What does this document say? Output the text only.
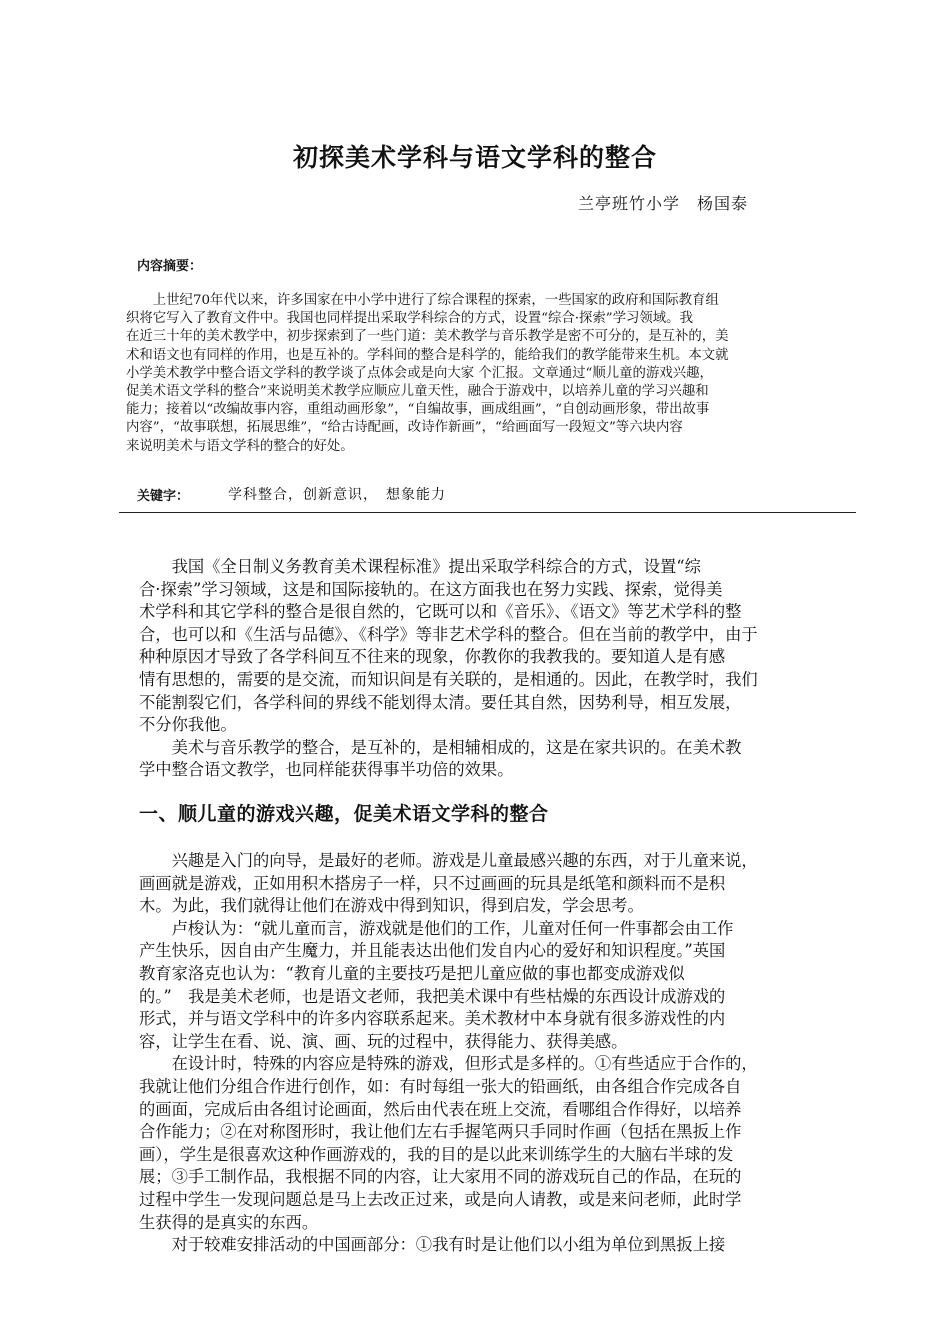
初探美术学科与语文学科的整合
兰亭班竹小学　杨国泰
内容摘要：
　　上世纪70年代以来，许多国家在中小学中进行了综合课程的探索，一些国家的政府和国际教育组
织将它写入了教育文件中。我国也同样提出采取学科综合的方式，设置“综合·探索”学习领域。我
在近三十年的美术教学中，初步探索到了一些门道：美术教学与音乐教学是密不可分的，是互补的，美
术和语文也有同样的作用，也是互补的。学科间的整合是科学的，能给我们的教学能带来生机。本文就
小学美术教学中整合语文学科的教学谈了点体会或是向大家 个汇报。文章通过“顺儿童的游戏兴趣，
促美术语文学科的整合”来说明美术教学应顺应儿童天性，融合于游戏中，以培养儿童的学习兴趣和
能力；接着以“改编故事内容，重组动画形象”，“自编故事，画成组画”，“自创动画形象，带出故事
内容”，“故事联想，拓展思维”，“给古诗配画，改诗作新画”，“给画面写一段短文”等六块内容
来说明美术与语文学科的整合的好处。
关键字：	学科整合，创新意识，　想象能力
　　我国《全日制义务教育美术课程标准》提出采取学科综合的方式，设置“综
合·探索”学习领域，这是和国际接轨的。在这方面我也在努力实践、探索，觉得美
术学科和其它学科的整合是很自然的，它既可以和《音乐》、《语文》等艺术学科的整
合，也可以和《生活与品德》、《科学》等非艺术学科的整合。但在当前的教学中，由于
种种原因才导致了各学科间互不往来的现象，你教你的我教我的。要知道人是有感
情有思想的，需要的是交流，而知识间是有关联的，是相通的。因此，在教学时，我们
不能割裂它们，各学科间的界线不能划得太清。要任其自然，因势利导，相互发展，
不分你我他。
　　美术与音乐教学的整合，是互补的，是相辅相成的，这是在家共识的。在美术教
学中整合语文教学，也同样能获得事半功倍的效果。
一、顺儿童的游戏兴趣，促美术语文学科的整合
　　兴趣是入门的向导，是最好的老师。游戏是儿童最感兴趣的东西，对于儿童来说，
画画就是游戏，正如用积木搭房子一样，只不过画画的玩具是纸笔和颜料而不是积
木。为此，我们就得让他们在游戏中得到知识，得到启发，学会思考。
　　卢梭认为：“就儿童而言，游戏就是他们的工作，儿童对任何一件事都会由工作
产生快乐，因自由产生魔力，并且能表达出他们发自内心的爱好和知识程度。”英国
教育家洛克也认为：“教育儿童的主要技巧是把儿童应做的事也都变成游戏似
的。”　我是美术老师，也是语文老师，我把美术课中有些枯燥的东西设计成游戏的
形式，并与语文学科中的许多内容联系起来。美术教材中本身就有很多游戏性的内
容，让学生在看、说、演、画、玩的过程中，获得能力、获得美感。
　　在设计时，特殊的内容应是特殊的游戏，但形式是多样的。①有些适应于合作的，
我就让他们分组合作进行创作，如：有时每组一张大的铅画纸，由各组合作完成各自
的画面，完成后由各组讨论画面，然后由代表在班上交流，看哪组合作得好，以培养
合作能力；②在对称图形时，我让他们左右手握笔两只手同时作画（包括在黑扳上作
画），学生是很喜欢这种作画游戏的，我的目的是以此来训练学生的大脑右半球的发
展；③手工制作品，我根据不同的内容，让大家用不同的游戏玩自己的作品，在玩的
过程中学生一发现问题总是马上去改正过来，或是向人请教，或是来问老师，此时学
生获得的是真实的东西。
　　对于较难安排活动的中国画部分：①我有时是让他们以小组为单位到黑扳上接
